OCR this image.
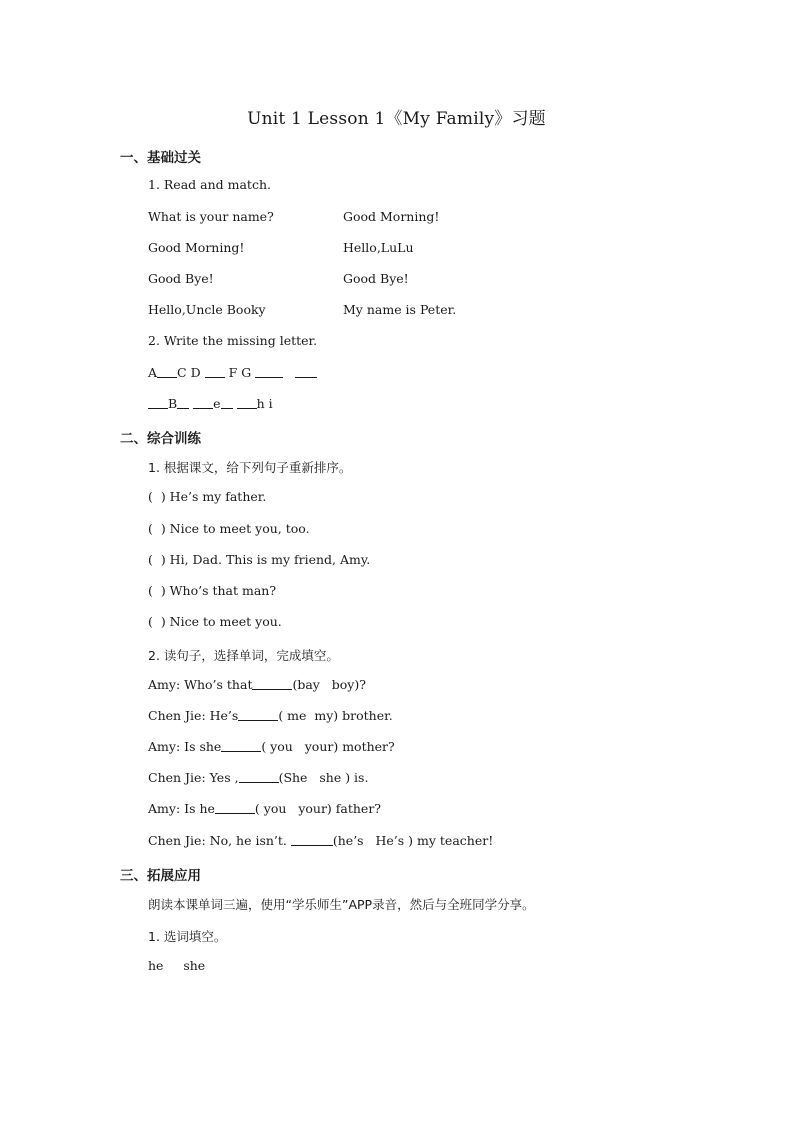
Unit 1 Lesson 1《My Family》习题
一、基础过关
1. Read and match.
What is your name?	Good Morning!
Good Morning!	Hello,LuLu
Good Bye!	Good Bye!
Hello,Uncle Booky	My name is Peter.
2. Write the missing letter.
A C D F G
B	e	h i
二、综合训练
1. 根据课文，给下列句子重新排序。
(  ) He’s my father.
(  ) Nice to meet you, too.
(  ) Hi, Dad. This is my friend, Amy.
(  ) Who’s that man?
(  ) Nice to meet you.
2. 读句子，选择单词，完成填空。
Amy: Who’s that	(bay   boy)?
Chen Jie: He’s	( me  my) brother.
Amy: Is she	( you   your) mother?
Chen Jie: Yes ,	(She   she ) is.
Amy: Is he	( you   your) father?
Chen Jie: No, he isn’t.	(he’s   He’s ) my teacher!
三、拓展应用
朗读本课单词三遍，使用“学乐师生”APP录音，然后与全班同学分享。
1. 选词填空。
he     she
